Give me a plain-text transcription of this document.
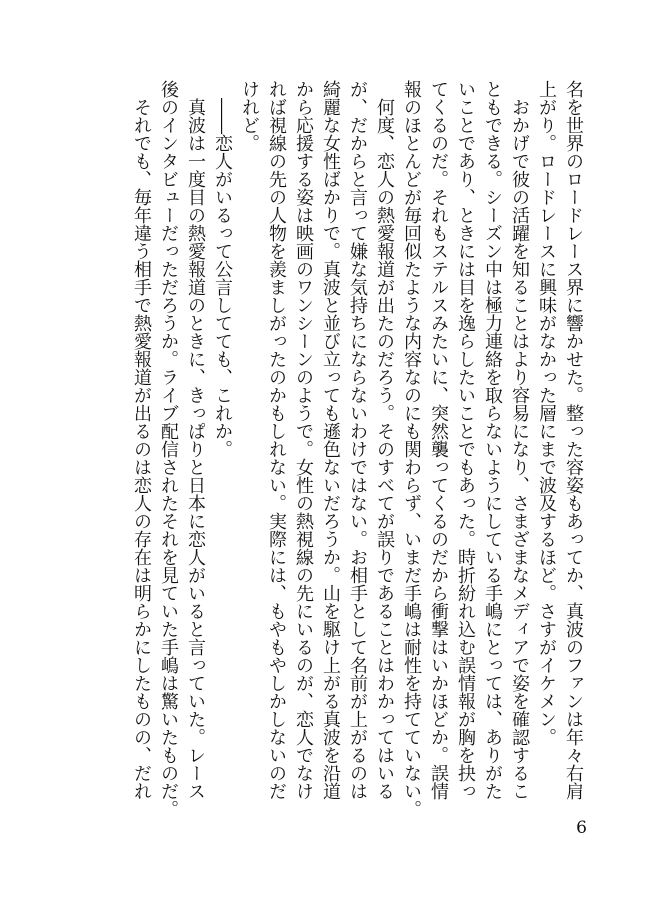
名を世界のロードレース界に響かせた。整った容姿もあってか、真波のファンは年々右肩

上がり。ロードレースに興味がなかった層にまで波及するほど。さすがイケメン。

　おかげで彼の活躍を知ることはより容易になり、さまざまなメディアで姿を確認するこ

ともできる。シーズン中は極力連絡を取らないようにしている手嶋にとっては、ありがた

いことであり、ときには目を逸らしたいことでもあった。時折紛れ込む誤情報が胸を抉っ

てくるのだ。それもステルスみたいに、突然襲ってくるのだから衝撃はいかほどか。誤情

報のほとんどが毎回似たような内容なのにも関わらず、いまだ手嶋は耐性を持てていない。

　何度、恋人の熱愛報道が出たのだろう。そのすべてが誤りであることはわかってはいる

が、だからと言って嫌な気持ちにならないわけではない。お相手として名前が上がるのは

綺麗な女性ばかりで。真波と並び立っても遜色ないだろうか。山を駆け上がる真波を沿道

から応援する姿は映画のワンシーンのようで。女性の熱視線の先にいるのが、恋人でなけ

れば視線の先の人物を羨ましがったのかもしれない。実際には、もやもやしかしないのだ

けれど。

　――恋人がいるって公言してても、これか。

　真波は一度目の熱愛報道のときに、きっぱりと日本に恋人がいると言っていた。レース

後のインタビューだっただろうか。ライブ配信されたそれを見ていた手嶋は驚いたものだ。

　それでも、毎年違う相手で熱愛報道が出るのは恋人の存在は明らかにしたものの、だれ

6
